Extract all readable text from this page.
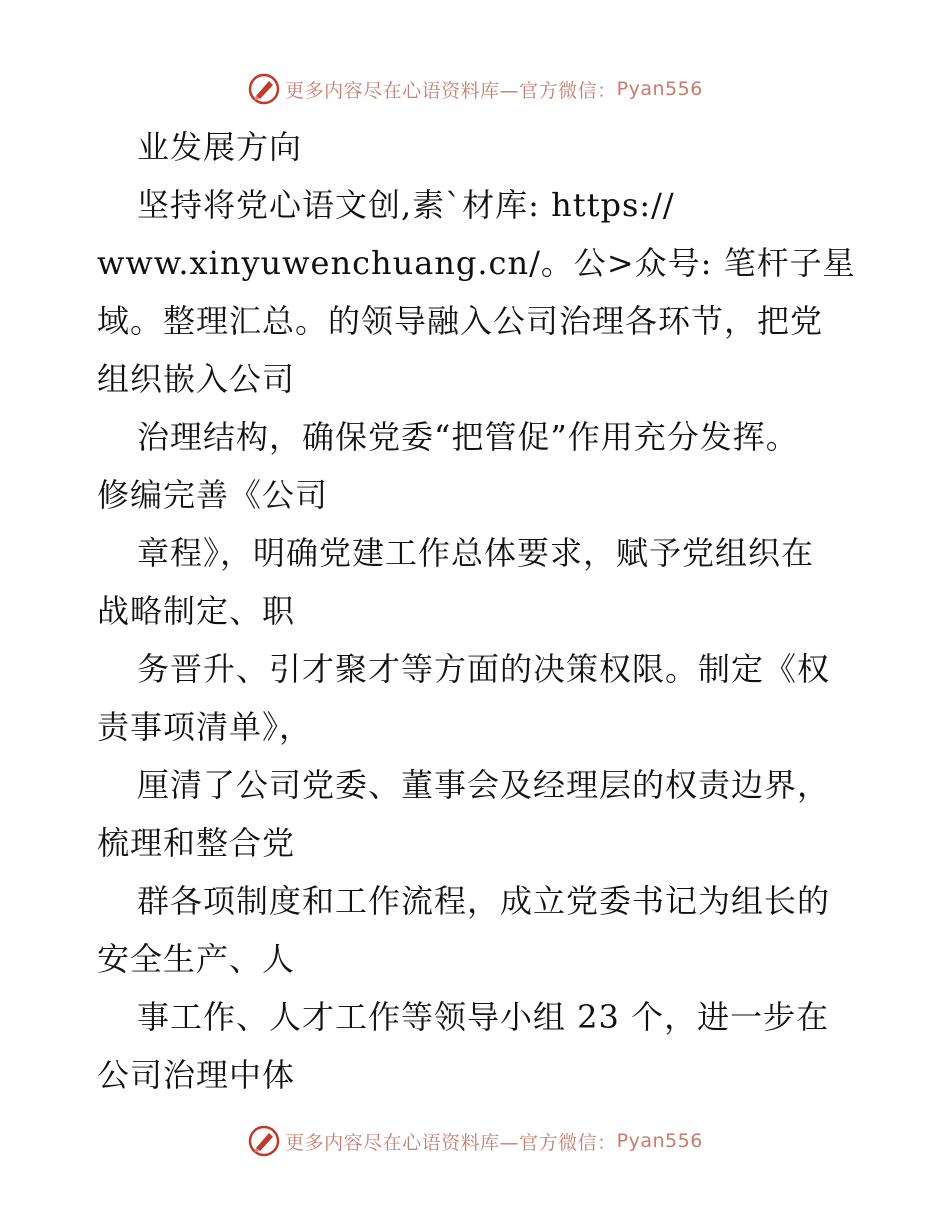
更多内容尽在心语资料库—官方微信： Pyan556
业发展方向
坚持将党心语文创,素`材库: https://
www.xinyuwenchuang.cn/。公>众号: 笔杆子星
域。整理汇总。的领导融入公司治理各环节，把党
组织嵌入公司
治理结构，确保党委“把管促”作用充分发挥。
修编完善《公司
章程》，明确党建工作总体要求，赋予党组织在
战略制定、职
务晋升、引才聚才等方面的决策权限。制定《权
责事项清单》，
厘清了公司党委、董事会及经理层的权责边界，
梳理和整合党
群各项制度和工作流程，成立党委书记为组长的
安全生产、人
事工作、人才工作等领导小组 23 个，进一步在
公司治理中体
更多内容尽在心语资料库—官方微信： Pyan556
